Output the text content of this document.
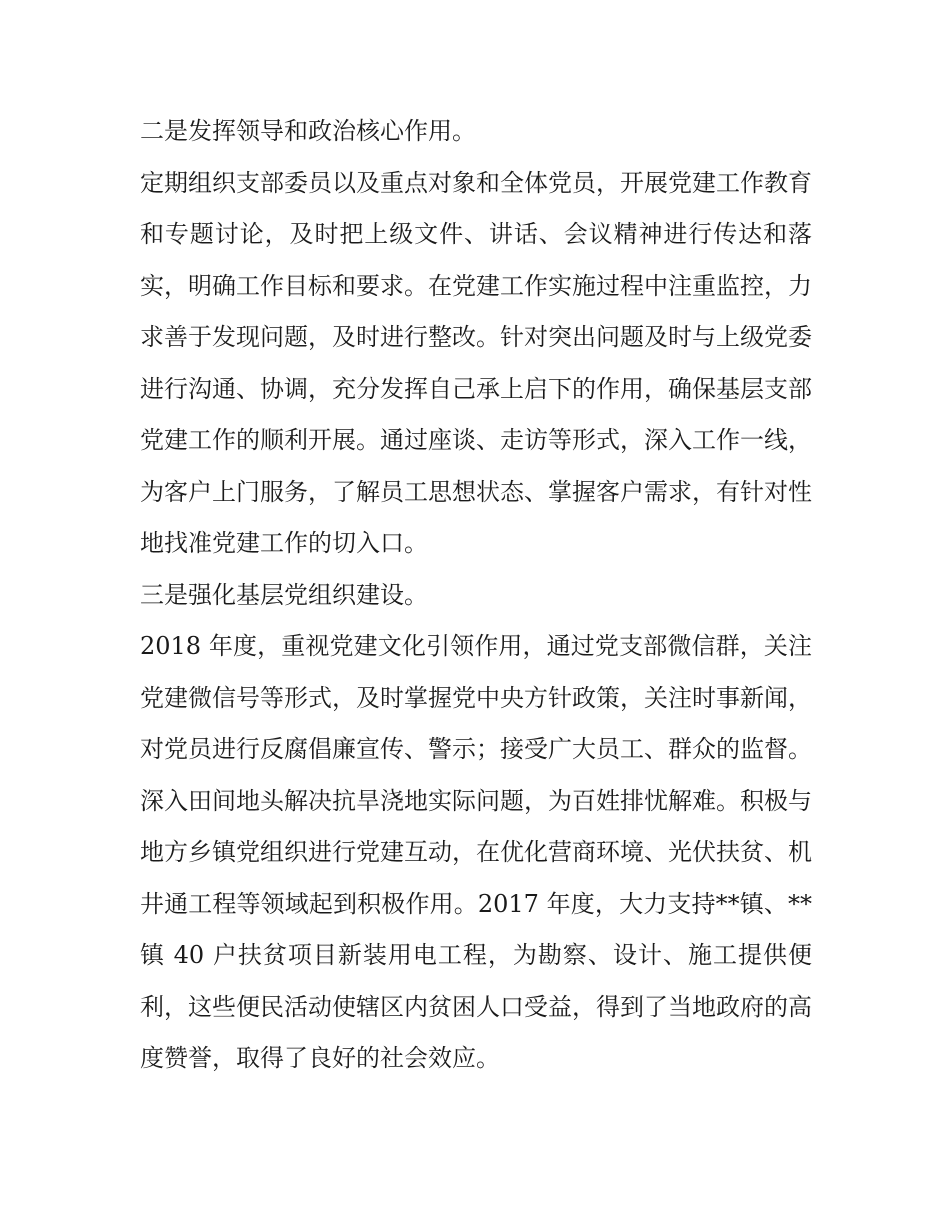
二是发挥领导和政治核心作用。

定期组织支部委员以及重点对象和全体党员，开展党建工作教育和专题讨论，及时把上级文件、讲话、会议精神进行传达和落实，明确工作目标和要求。在党建工作实施过程中注重监控，力求善于发现问题，及时进行整改。针对突出问题及时与上级党委进行沟通、协调，充分发挥自己承上启下的作用，确保基层支部党建工作的顺利开展。通过座谈、走访等形式，深入工作一线，为客户上门服务，了解员工思想状态、掌握客户需求，有针对性地找准党建工作的切入口。

三是强化基层党组织建设。

2018 年度，重视党建文化引领作用，通过党支部微信群，关注党建微信号等形式，及时掌握党中央方针政策，关注时事新闻，对党员进行反腐倡廉宣传、警示；接受广大员工、群众的监督。

深入田间地头解决抗旱浇地实际问题，为百姓排忧解难。积极与地方乡镇党组织进行党建互动，在优化营商环境、光伏扶贫、机井通工程等领域起到积极作用。2017 年度，大力支持**镇、**镇 40 户扶贫项目新装用电工程，为勘察、设计、施工提供便利，这些便民活动使辖区内贫困人口受益，得到了当地政府的高度赞誉，取得了良好的社会效应。
